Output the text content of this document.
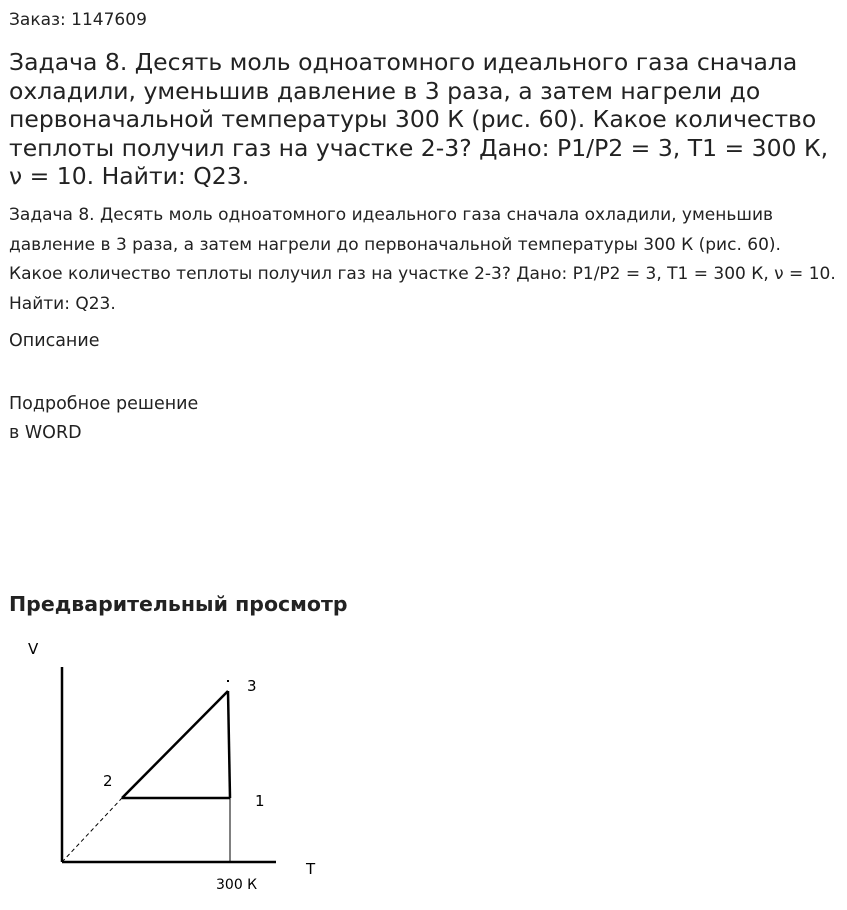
Заказ: 1147609
Задача 8. Десять моль одноатомного идеального газа сначала охладили, уменьшив давление в 3 раза, а затем нагрели до первоначальной температуры 300 К (рис. 60). Какое количество теплоты получил газ на участке 2-3? Дано: P1/P2 = 3, T1 = 300 К, ν = 10. Найти: Q23.

Задача 8. Десять моль одноатомного идеального газа сначала охладили, уменьшив давление в 3 раза, а затем нагрели до первоначальной температуры 300 К (рис. 60). Какое количество теплоты получил газ на участке 2-3? Дано: P1/P2 = 3, T1 = 300 К, ν = 10. Найти: Q23.

Описание
Подробное решение
в WORD
Предварительный просмотр
V
T
1
2
3
300 К
